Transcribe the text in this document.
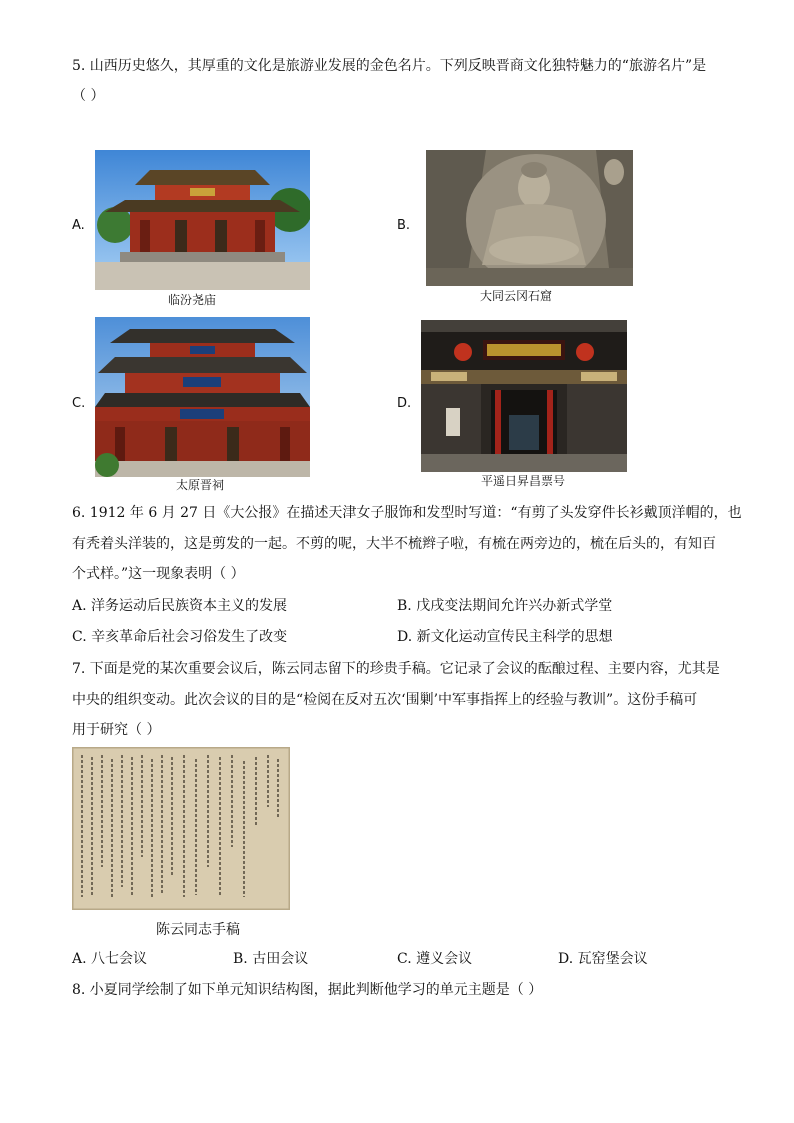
5. 山西历史悠久，其厚重的文化是旅游业发展的金色名片。下列反映晋商文化独特魅力的“旅游名片”是
（ ）
A.
临汾尧庙
B.
大同云冈石窟
C.
太原晋祠
D.
平遥日昇昌票号
6. 1912 年 6 月 27 日《大公报》在描述天津女子服饰和发型时写道：“有剪了头发穿件长衫戴顶洋帽的，也
有秃着头洋装的，这是剪发的一起。不剪的呢，大半不梳辫子啦，有梳在两旁边的，梳在后头的，有知百
个式样。”这一现象表明（ ）
A. 洋务运动后民族资本主义的发展	B. 戊戌变法期间允许兴办新式学堂
C. 辛亥革命后社会习俗发生了改变	D. 新文化运动宣传民主科学的思想
7. 下面是党的某次重要会议后，陈云同志留下的珍贵手稿。它记录了会议的酝酿过程、主要内容，尤其是
中央的组织变动。此次会议的目的是“检阅在反对五次‘围剿’中军事指挥上的经验与教训”。这份手稿可
用于研究（ ）
陈云同志手稿
A. 八七会议	B. 古田会议	C. 遵义会议	D. 瓦窑堡会议
8. 小夏同学绘制了如下单元知识结构图，据此判断他学习的单元主题是（ ）
